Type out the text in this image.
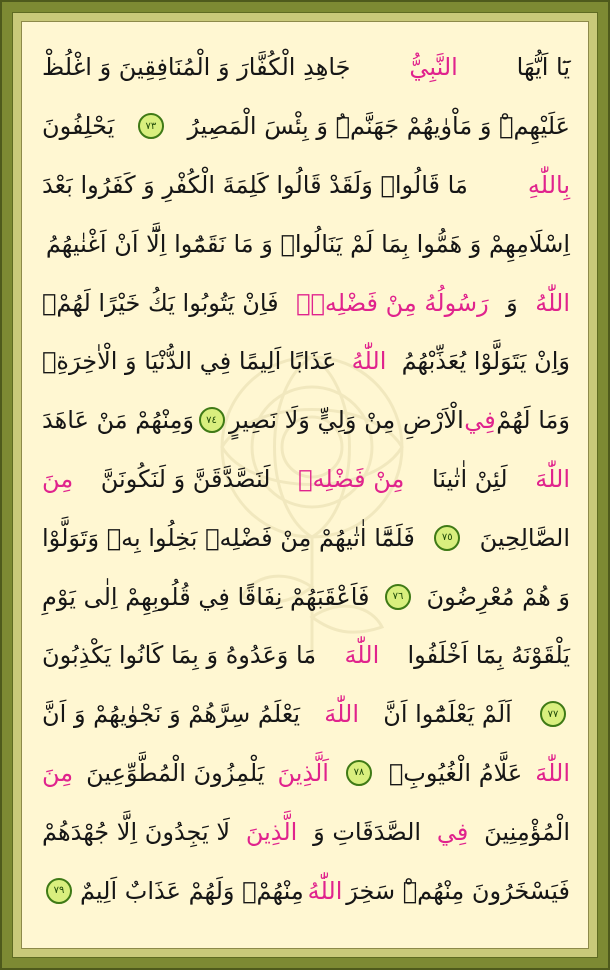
يَٓا اَيُّهَا
النَّبِيُّ
جَاهِدِ الْكُفَّارَ وَ الْمُنَافِقِينَ وَ اغْلُظْ
عَلَيْهِمْۜ وَ مَاْوٰيهُمْ جَهَنَّمُۜ وَ بِئْسَ الْمَصِيرُ
٧٣
يَحْلِفُونَ
بِاللّٰهِ
مَا قَالُواۜ وَلَقَدْ قَالُوا كَلِمَةَ الْكُفْرِ وَ كَفَرُوا بَعْدَ
اِسْلَامِهِمْ وَ هَمُّوا بِمَا لَمْ يَنَالُواۚ وَ مَا نَقَمُٓوا اِلَّٓا اَنْ اَغْنٰيهُمُ
اللّٰهُ
وَ
رَسُولُهُ مِنْ فَضْلِهٖۚ
فَاِنْ يَتُوبُوا يَكُ خَيْرًا لَهُمْۚ
وَاِنْ يَتَوَلَّوْا يُعَذِّبْهُمُ
اللّٰهُ
عَذَابًا اَلِيمًا فِي الدُّنْيَا وَ الْاٰخِرَةِۚ
وَمَا لَهُمْ
فِي
الْاَرْضِ مِنْ وَلِيٍّ وَلَا نَصِيرٍ
٧٤
وَمِنْهُمْ مَنْ عَاهَدَ
اللّٰهَ
لَئِنْ اٰتٰينَا
مِنْ فَضْلِهٖ
لَنَصَّدَّقَنَّ وَ لَنَكُونَنَّ
مِنَ
الصَّالِحِينَ
٧٥
فَلَمَّٓا اٰتٰيهُمْ مِنْ فَضْلِهٖ بَخِلُوا بِهٖ وَتَوَلَّوْا
وَ هُمْ مُعْرِضُونَ
٧٦
فَاَعْقَبَهُمْ نِفَاقًا فِي قُلُوبِهِمْ اِلٰى يَوْمِ
يَلْقَوْنَهُ بِمَٓا اَخْلَفُوا
اللّٰهَ
مَا وَعَدُوهُ وَ بِمَا كَانُوا يَكْذِبُونَ
٧٧
اَلَمْ يَعْلَمُٓوا اَنَّ
اللّٰهَ
يَعْلَمُ سِرَّهُمْ وَ نَجْوٰيهُمْ وَ اَنَّ
اللّٰهَ
عَلَّامُ الْغُيُوبِۚ
٧٨
اَلَّذِينَ
يَلْمِزُونَ الْمُطَّوِّعِينَ
مِنَ
الْمُؤْمِنِينَ
فِي
الصَّدَقَاتِ وَ
الَّذِينَ
لَا يَجِدُونَ اِلَّا جُهْدَهُمْ
فَيَسْخَرُونَ مِنْهُمْۜ سَخِرَ
اللّٰهُ
مِنْهُمْۘ وَلَهُمْ عَذَابٌ اَلِيمٌ
٧٩
